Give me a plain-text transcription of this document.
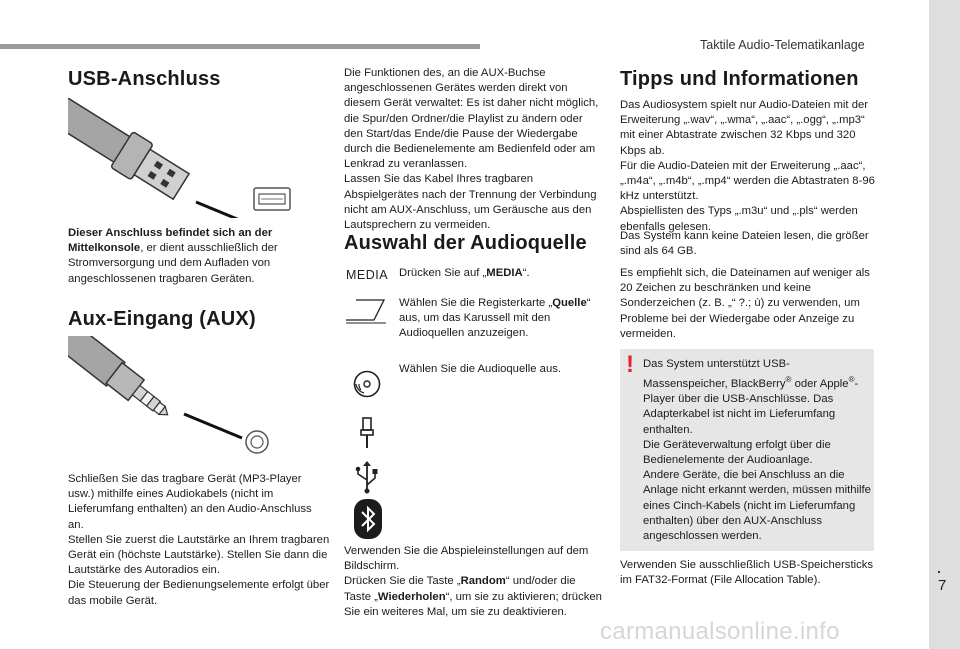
Taktile Audio-Telematikanlage
.
7
carmanualsonline.info
USB-Anschluss

Dieser Anschluss befindet sich an der Mittelkonsole, er dient ausschließlich der Stromversorgung und dem Aufladen von angeschlossenen tragbaren Geräten.

Aux-Eingang (AUX)

Schließen Sie das tragbare Gerät (MP3-Player usw.) mithilfe eines Audiokabels (nicht im Lieferumfang enthalten) an den Audio-Anschluss an.
Stellen Sie zuerst die Lautstärke an Ihrem tragbaren Gerät ein (höchste Lautstärke). Stellen Sie dann die Lautstärke des Autoradios ein.
Die Steuerung der Bedienungselemente erfolgt über das mobile Gerät.

Die Funktionen des, an die AUX-Buchse angeschlossenen Gerätes werden direkt von diesem Gerät verwaltet: Es ist daher nicht möglich, die Spur/den Ordner/die Playlist zu ändern oder den Start/das Ende/die Pause der Wiedergabe durch die Bedienelemente am Bedienfeld oder am Lenkrad zu veranlassen.
Lassen Sie das Kabel Ihres tragbaren Abspielgerätes nach der Trennung der Verbindung nicht am AUX-Anschluss, um Geräusche aus den Lautsprechern zu vermeiden.

Auswahl der Audioquelle
MEDIA Drücken Sie auf „MEDIA“.

Wählen Sie die Registerkarte „Quelle“ aus, um das Karussell mit den Audioquellen anzuzeigen.

Wählen Sie die Audioquelle aus.

Verwenden Sie die Abspieleinstellungen auf dem Bildschirm.
Drücken Sie die Taste „Random“ und/oder die Taste „Wiederholen“, um sie zu aktivieren; drücken Sie ein weiteres Mal, um sie zu deaktivieren.

Tipps und Informationen

Das Audiosystem spielt nur Audio-Dateien mit der Erweiterung „.wav“, „.wma“, „.aac“, „.ogg“, „.mp3“ mit einer Abtastrate zwischen 32 Kbps und 320 Kbps ab.
Für die Audio-Dateien mit der Erweiterung „.aac“, „.m4a“, „.m4b“, „.mp4“ werden die Abtastraten 8-96 kHz unterstützt.
Abspiellisten des Typs „.m3u“ und „.pls“ werden ebenfalls gelesen.

Das System kann keine Dateien lesen, die größer sind als 64 GB.

Es empfiehlt sich, die Dateinamen auf weniger als 20 Zeichen zu beschränken und keine Sonderzeichen (z. B. „“ ?.; ù) zu verwenden, um Probleme bei der Wiedergabe oder Anzeige zu vermeiden.

! Das System unterstützt USB-Massenspeicher, BlackBerry® oder Apple®-Player über die USB-Anschlüsse. Das Adapterkabel ist nicht im Lieferumfang enthalten.
Die Geräteverwaltung erfolgt über die Bedienelemente der Audioanlage.
Andere Geräte, die bei Anschluss an die Anlage nicht erkannt werden, müssen mithilfe eines Cinch-Kabels (nicht im Lieferumfang enthalten) über den AUX-Anschluss angeschlossen werden.

Verwenden Sie ausschließlich USB-Speichersticks im FAT32-Format (File Allocation Table).
